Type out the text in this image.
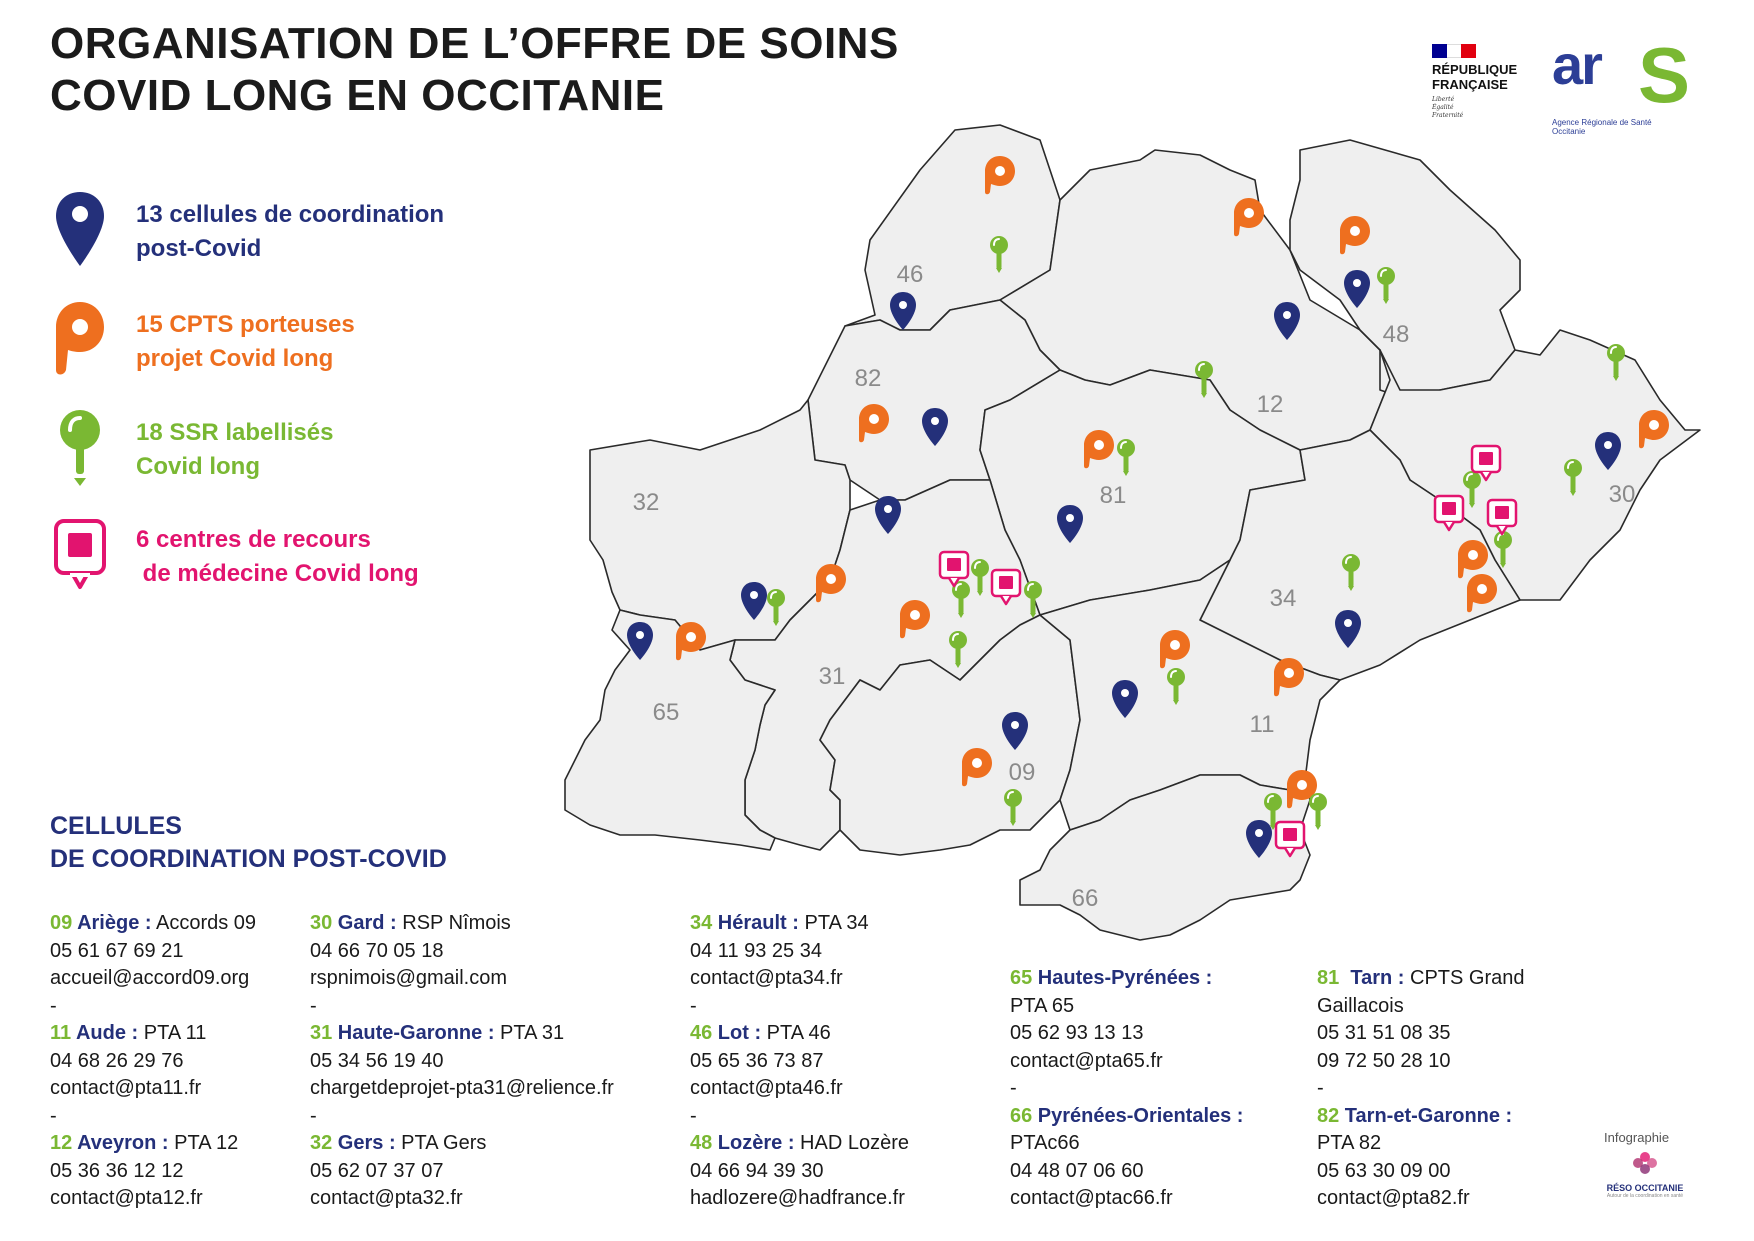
ORGANISATION DE L’OFFRE DE SOINS
COVID LONG EN OCCITANIE
RÉPUBLIQUE
FRANÇAISE
Liberté
Égalité
Fraternité
ar S
Agence Régionale de Santé
Occitanie
13 cellules de coordination
post-Covid
15 CPTS porteuses
projet Covid long
18 SSR labellisés
Covid long
6 centres de recours
de médecine Covid long
46
12
48
82
32	81	30
34
31
65
09
11
66
CELLULES
DE COORDINATION POST-COVID
09 Ariège : Accords 09
05 61 67 69 21
accueil@accord09.org
-
11 Aude : PTA 11
04 68 26 29 76
contact@pta11.fr
-
12 Aveyron : PTA 12
05 36 36 12 12
contact@pta12.fr
30 Gard : RSP Nîmois
04 66 70 05 18
rspnimois@gmail.com
-
31 Haute-Garonne : PTA 31
05 34 56 19 40
chargetdeprojet-pta31@relience.fr
-
32 Gers : PTA Gers
05 62 07 37 07
contact@pta32.fr
34 Hérault : PTA 34
04 11 93 25 34
contact@pta34.fr
-
46 Lot : PTA 46
05 65 36 73 87
contact@pta46.fr
-
48 Lozère : HAD Lozère
04 66 94 39 30
hadlozere@hadfrance.fr
65 Hautes-Pyrénées :
PTA 65
05 62 93 13 13
contact@pta65.fr
-
66 Pyrénées-Orientales :
PTAc66
04 48 07 06 60
contact@ptac66.fr
81  Tarn : CPTS Grand
Gaillacois
05 31 51 08 35
09 72 50 28 10
-
82 Tarn-et-Garonne :
PTA 82
05 63 30 09 00
contact@pta82.fr
Infographie
RÉSO OCCITANIE
Autour de la coordination en santé
